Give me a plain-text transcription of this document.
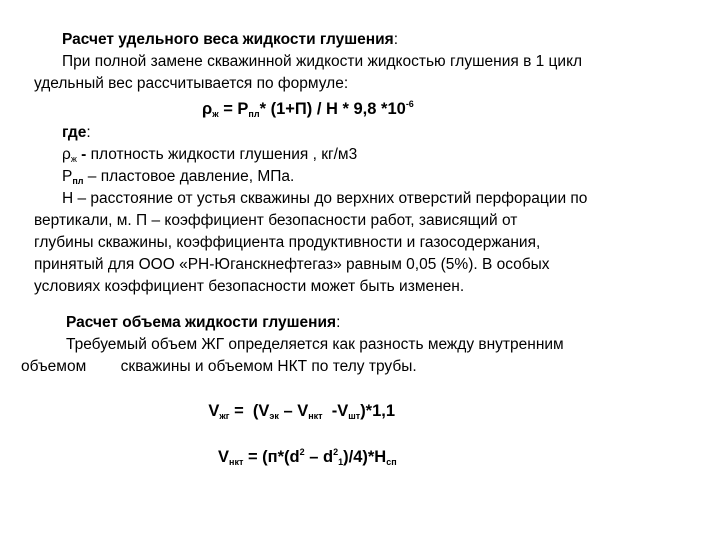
Расчет удельного веса жидкости глушения:
При полной замене скважинной жидкости жидкостью глушения в 1 цикл
удельный вес рассчитывается по формуле:
$\rho_ж = Р_{пл}*$ (1+П) / Н * 9,8 $*10^{-6}$
где:
$\rho_ж$ - плотность жидкости глушения , кг/м3
$Р_{пл}$ – пластовое давление, МПа.
Н – расстояние от устья скважины до верхних отверстий перфорации по
вертикали, м. П – коэффициент безопасности работ, зависящий от
глубины скважины, коэффициента продуктивности и газосодержания,
принятый для ООО «РН-Юганскнефтегаз» равным 0,05 (5%). В особых
условиях коэффициент безопасности может быть изменен.
Расчет объема жидкости глушения:
Требуемый объем ЖГ определяется как разность между внутренним
объемом        скважины и объемом НКТ по телу трубы.

$V_{жг} = (V_{эк} - V_{нкт}$  $-V_{шт})*1,1$

$V_{нкт} = (п*(d^2 - d^2_1)/4)*H_{сп}$
